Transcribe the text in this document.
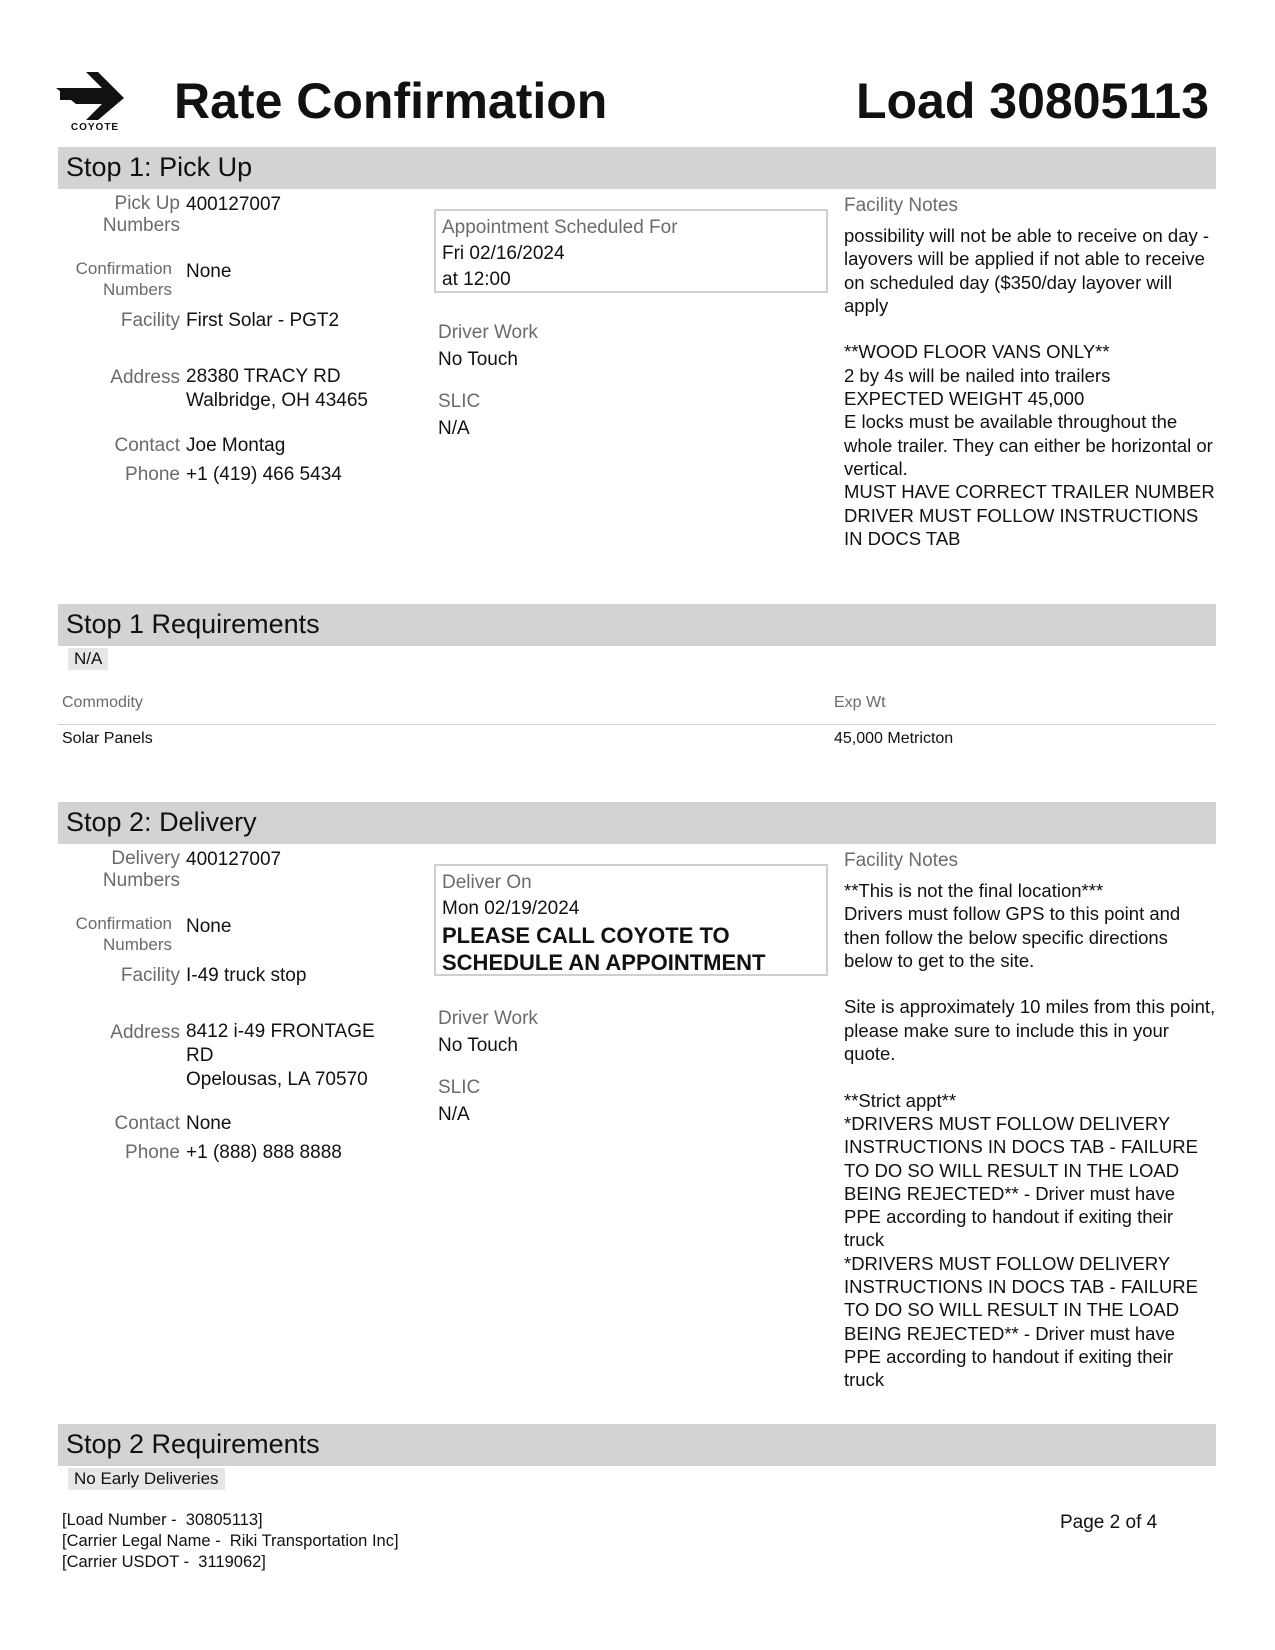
COYOTE Rate Confirmation	Load 30805113
Stop 1: Pick Up
Pick Up
Numbers
400127007
Confirmation
Numbers
None
Facility First Solar - PGT2
Address 28380 TRACY RD
Walbridge, OH 43465
Contact Joe Montag
Phone +1 (419) 466 5434
Appointment Scheduled For
Fri 02/16/2024
at 12:00
Driver Work
No Touch
SLIC
N/A
Facility Notes
possibility will not be able to receive on day - layovers will be applied if not able to receive on scheduled day ($350/day layover will apply

**WOOD FLOOR VANS ONLY**
2 by 4s will be nailed into trailers
EXPECTED WEIGHT 45,000
E locks must be available throughout the whole trailer. They can either be horizontal or vertical.
MUST HAVE CORRECT TRAILER NUMBER
DRIVER MUST FOLLOW INSTRUCTIONS IN DOCS TAB
Stop 1 Requirements
N/A
Commodity	Exp Wt
Solar Panels	45,000 Metricton
Stop 2: Delivery
Delivery
Numbers
400127007
Confirmation
Numbers
None
Facility I-49 truck stop
Address 8412 i-49 FRONTAGE
RD
Opelousas, LA 70570
Contact None
Phone +1 (888) 888 8888
Deliver On
Mon 02/19/2024
PLEASE CALL COYOTE TO
SCHEDULE AN APPOINTMENT
Driver Work
No Touch
SLIC
N/A
Facility Notes
**This is not the final location***
Drivers must follow GPS to this point and then follow the below specific directions below to get to the site.

Site is approximately 10 miles from this point, please make sure to include this in your quote.

**Strict appt**
*DRIVERS MUST FOLLOW DELIVERY INSTRUCTIONS IN DOCS TAB - FAILURE TO DO SO WILL RESULT IN THE LOAD BEING REJECTED** - Driver must have PPE according to handout if exiting their truck
*DRIVERS MUST FOLLOW DELIVERY INSTRUCTIONS IN DOCS TAB - FAILURE TO DO SO WILL RESULT IN THE LOAD BEING REJECTED** - Driver must have PPE according to handout if exiting their truck
Stop 2 Requirements
No Early Deliveries
[Load Number -  30805113]
[Carrier Legal Name -  Riki Transportation Inc]
[Carrier USDOT -  3119062]
Page 2 of 4
